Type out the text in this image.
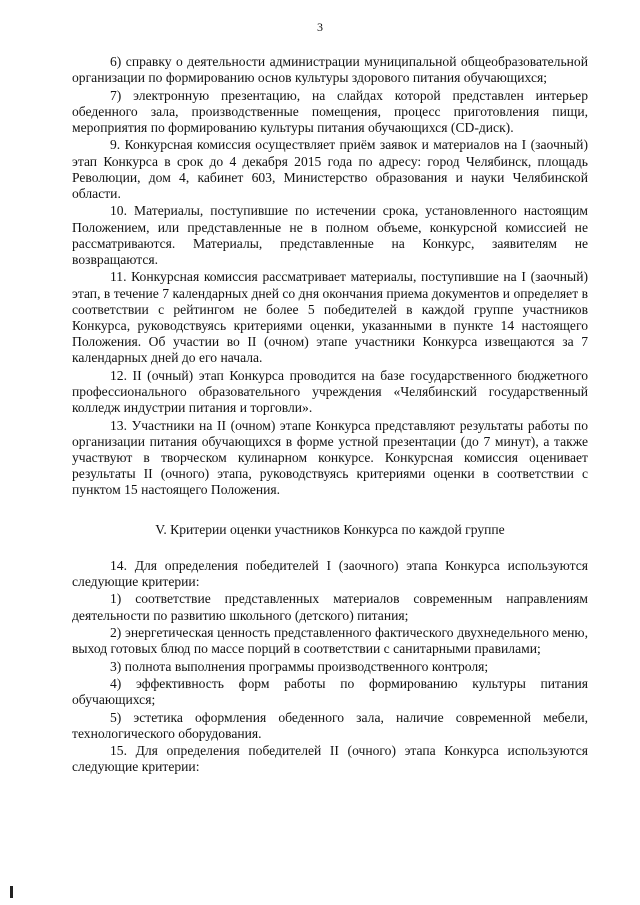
3

6) справку о деятельности администрации муниципальной общеобразовательной организации по формированию основ культуры здорового питания обучающихся;

7) электронную презентацию, на слайдах которой представлен интерьер обеденного зала, производственные помещения, процесс приготовления пищи, мероприятия по формированию культуры питания обучающихся (CD-диск).

9. Конкурсная комиссия осуществляет приём заявок и материалов на I (заочный) этап Конкурса в срок до 4 декабря 2015 года по адресу: город Челябинск, площадь Революции, дом 4, кабинет 603, Министерство образования и науки Челябинской области.

10. Материалы, поступившие по истечении срока, установленного настоящим Положением, или представленные не в полном объеме, конкурсной комиссией не рассматриваются. Материалы, представленные на Конкурс, заявителям не возвращаются.

11. Конкурсная комиссия рассматривает материалы, поступившие на I (заочный) этап, в течение 7 календарных дней со дня окончания приема документов и определяет в соответствии с рейтингом не более 5 победителей в каждой группе участников Конкурса, руководствуясь критериями оценки, указанными в пункте 14 настоящего Положения. Об участии во II (очном) этапе участники Конкурса извещаются за 7 календарных дней до его начала.

12. II (очный) этап Конкурса проводится на базе государственного бюджетного профессионального образовательного учреждения «Челябинский государственный колледж индустрии питания и торговли».

13. Участники на II (очном) этапе Конкурса представляют результаты работы по организации питания обучающихся в форме устной презентации (до 7 минут), а также участвуют в творческом кулинарном конкурсе. Конкурсная комиссия оценивает результаты II (очного) этапа, руководствуясь критериями оценки в соответствии с пунктом 15 настоящего Положения.

V. Критерии оценки участников Конкурса по каждой группе

14. Для определения победителей I (заочного) этапа Конкурса используются следующие критерии:

1) соответствие представленных материалов современным направлениям деятельности по развитию школьного (детского) питания;

2) энергетическая ценность представленного фактического двухнедельного меню, выход готовых блюд по массе порций в соответствии с санитарными правилами;

3) полнота выполнения программы производственного контроля;

4) эффективность форм работы по формированию культуры питания обучающихся;

5) эстетика оформления обеденного зала, наличие современной мебели, технологического оборудования.

15. Для определения победителей II (очного) этапа Конкурса используются следующие критерии:
